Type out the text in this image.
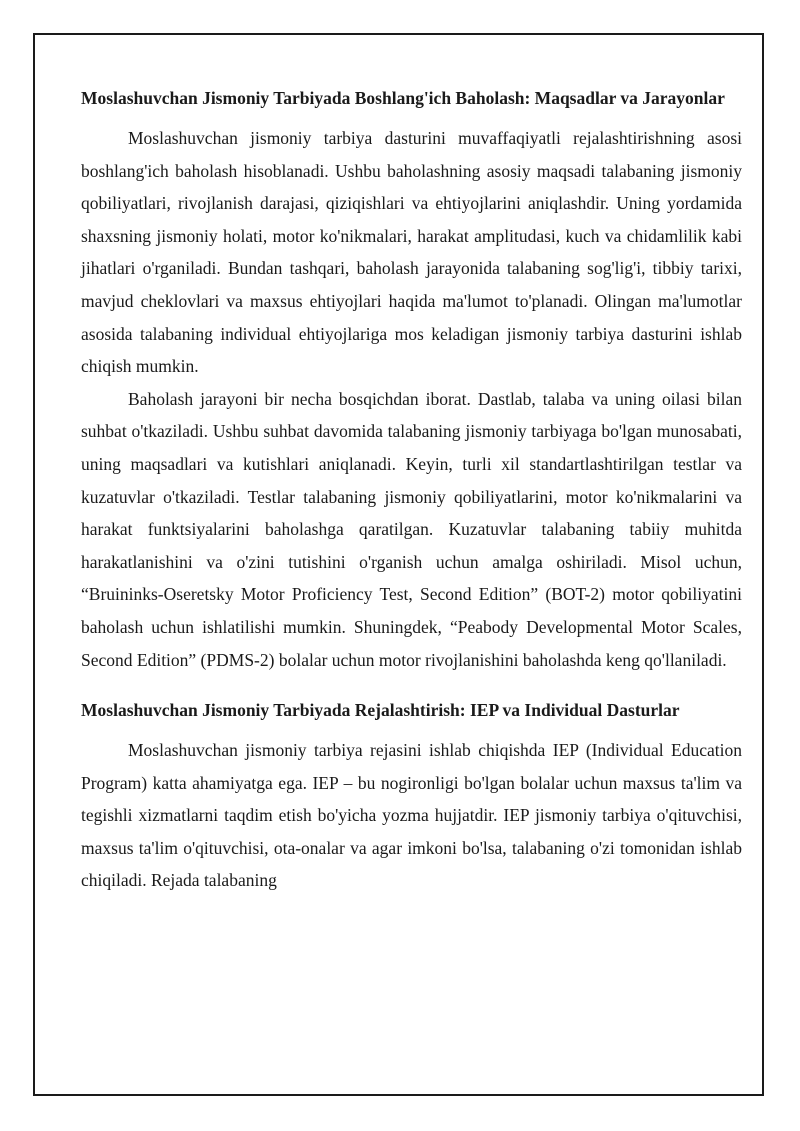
Moslashuvchan Jismoniy Tarbiyada Boshlang'ich Baholash: Maqsadlar va Jarayonlar

Moslashuvchan jismoniy tarbiya dasturini muvaffaqiyatli rejalashtirishning asosi boshlang'ich baholash hisoblanadi. Ushbu baholashning asosiy maqsadi talabaning jismoniy qobiliyatlari, rivojlanish darajasi, qiziqishlari va ehtiyojlarini aniqlashdir. Uning yordamida shaxsning jismoniy holati, motor ko'nikmalari, harakat amplitudasi, kuch va chidamlilik kabi jihatlari o'rganiladi. Bundan tashqari, baholash jarayonida talabaning sog'lig'i, tibbiy tarixi, mavjud cheklovlari va maxsus ehtiyojlari haqida ma'lumot to'planadi. Olingan ma'lumotlar asosida talabaning individual ehtiyojlariga mos keladigan jismoniy tarbiya dasturini ishlab chiqish mumkin.

Baholash jarayoni bir necha bosqichdan iborat. Dastlab, talaba va uning oilasi bilan suhbat o'tkaziladi. Ushbu suhbat davomida talabaning jismoniy tarbiyaga bo'lgan munosabati, uning maqsadlari va kutishlari aniqlanadi. Keyin, turli xil standartlashtirilgan testlar va kuzatuvlar o'tkaziladi. Testlar talabaning jismoniy qobiliyatlarini, motor ko'nikmalarini va harakat funktsiyalarini baholashga qaratilgan. Kuzatuvlar talabaning tabiiy muhitda harakatlanishini va o'zini tutishini o'rganish uchun amalga oshiriladi. Misol uchun, “Bruininks-Oseretsky Motor Proficiency Test, Second Edition” (BOT-2) motor qobiliyatini baholash uchun ishlatilishi mumkin. Shuningdek, “Peabody Developmental Motor Scales, Second Edition” (PDMS-2) bolalar uchun motor rivojlanishini baholashda keng qo'llaniladi.

Moslashuvchan Jismoniy Tarbiyada Rejalashtirish: IEP va Individual Dasturlar

Moslashuvchan jismoniy tarbiya rejasini ishlab chiqishda IEP (Individual Education Program) katta ahamiyatga ega. IEP – bu nogironligi bo'lgan bolalar uchun maxsus ta'lim va tegishli xizmatlarni taqdim etish bo'yicha yozma hujjatdir. IEP jismoniy tarbiya o'qituvchisi, maxsus ta'lim o'qituvchisi, ota-onalar va agar imkoni bo'lsa, talabaning o'zi tomonidan ishlab chiqiladi. Rejada talabaning
